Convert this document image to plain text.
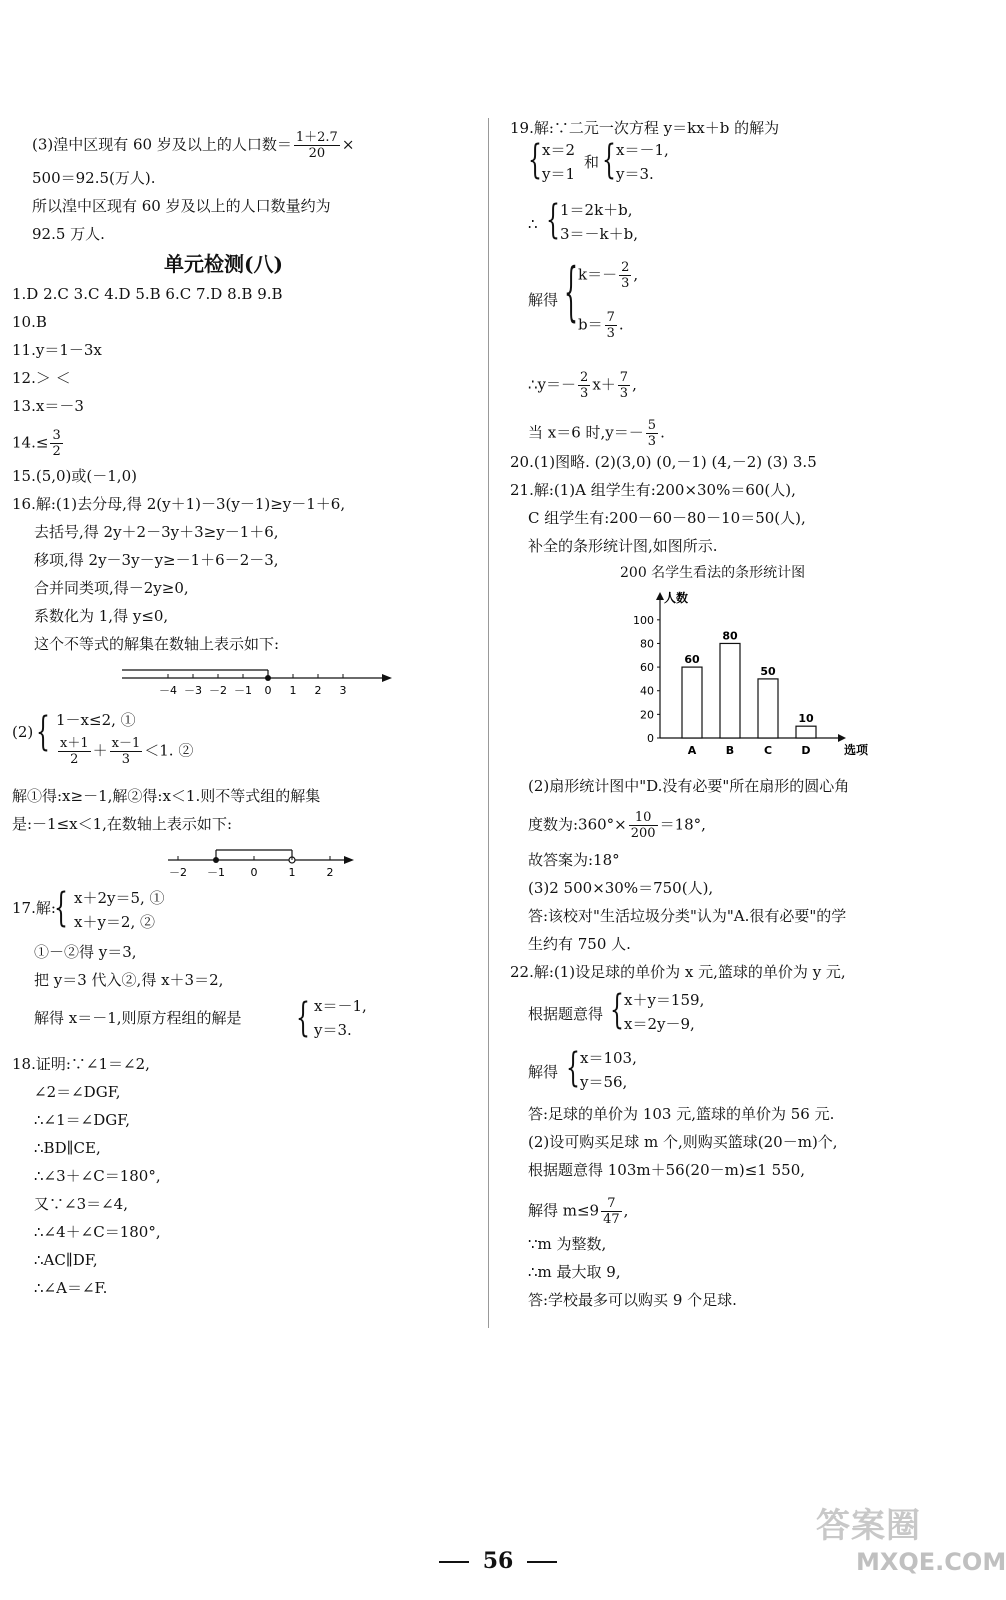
(3)湟中区现有 60 岁及以上的人口数＝ $\frac{1+2.7}{20}$ ×
500＝92.5(万人).
所以湟中区现有 60 岁及以上的人口数量约为
92.5 万人.
单元检测(八)
1.D 2.C 3.C 4.D 5.B 6.C 7.D 8.B 9.B
10.B
11.y＝1－3x
12.＞ ＜
13.x＝－3
$14.\le \frac{3}{2}$
15.(5,0)或(－1,0)
16.解:(1)去分母,得 2(y＋1)－3(y－1)≥y－1＋6,
去括号,得 2y＋2－3y＋3≥y－1＋6,
移项,得 2y－3y－y≥－1＋6－2－3,
合并同类项,得－2y≥0,
系数化为 1,得 y≤0,
这个不等式的解集在数轴上表示如下:
－4 －3 －2 －1 0 1 2 3
(2) { 1－x≤2, ①
$\frac{x+1}{2} + \frac{x-1}{3} <1$. ②
解①得:x≥－1,解②得:x＜1.则不等式组的解集
是:－1≤x＜1,在数轴上表示如下:
－2 －1 0	1	2
17.解:
{ x＋2y＝5, ①
x＋y＝2, ②
①－②得 y＝3,
把 y＝3 代入②,得 x＋3＝2,
解得 x＝－1,则原方程组的解是 { x＝－1,
y＝3.
18.证明:∵∠1＝∠2,
∠2＝∠DGF,
∴∠1＝∠DGF,
∴BD∥CE,
∴∠3＋∠C＝180°,
又∵∠3＝∠4,
∴∠4＋∠C＝180°,
∴AC∥DF,
∴∠A＝∠F.
19.解:∵二元一次方程 y＝kx＋b 的解为
{ x＝2
y＝1
和 { x＝－1,
y＝3.
∴ { 1＝2k＋b,
3＝－k＋b,
解得 { $k=- \frac{2}{3}$ ,
$b= \frac{7}{3}$ .
∴y＝－ $\frac{2}{3} x+ \frac{7}{3}$ ,
当 x＝6 时$,y=- \frac{5}{3}$ .
20.(1)图略. (2)(3,0) (0,－1) (4,－2) (3) 3.5
21.解:(1)A 组学生有:200×30%＝60(人),
C 组学生有:200－60－80－10＝50(人),
补全的条形统计图,如图所示.
200 名学生看法的条形统计图
人数
选项
0
20
40
60
80
100
60
A
80
B
50
C
10
D
(2)扇形统计图中"D.没有必要"所在扇形的圆心角
度数为:360°× $\frac{10}{200} =18^\circ$,
故答案为:18°
(3)2 500×30%＝750(人),
答:该校对"生活垃圾分类"认为"A.很有必要"的学
生约有 750 人.
22.解:(1)设足球的单价为 x 元,篮球的单价为 y 元,
根据题意得 { x＋y＝159,
x＝2y－9,
解得 { x＝103,
y＝56,
答:足球的单价为 103 元,篮球的单价为 56 元.
(2)设可购买足球 m 个,则购买篮球(20－m)个,
根据题意得 103m＋56(20－m)≤1 550,
解得 $m\le 9 \frac{7}{47}$ ,
∵m 为整数,
∴m 最大取 9,
答:学校最多可以购买 9 个足球.
56
答案圈
MXQE.COM
